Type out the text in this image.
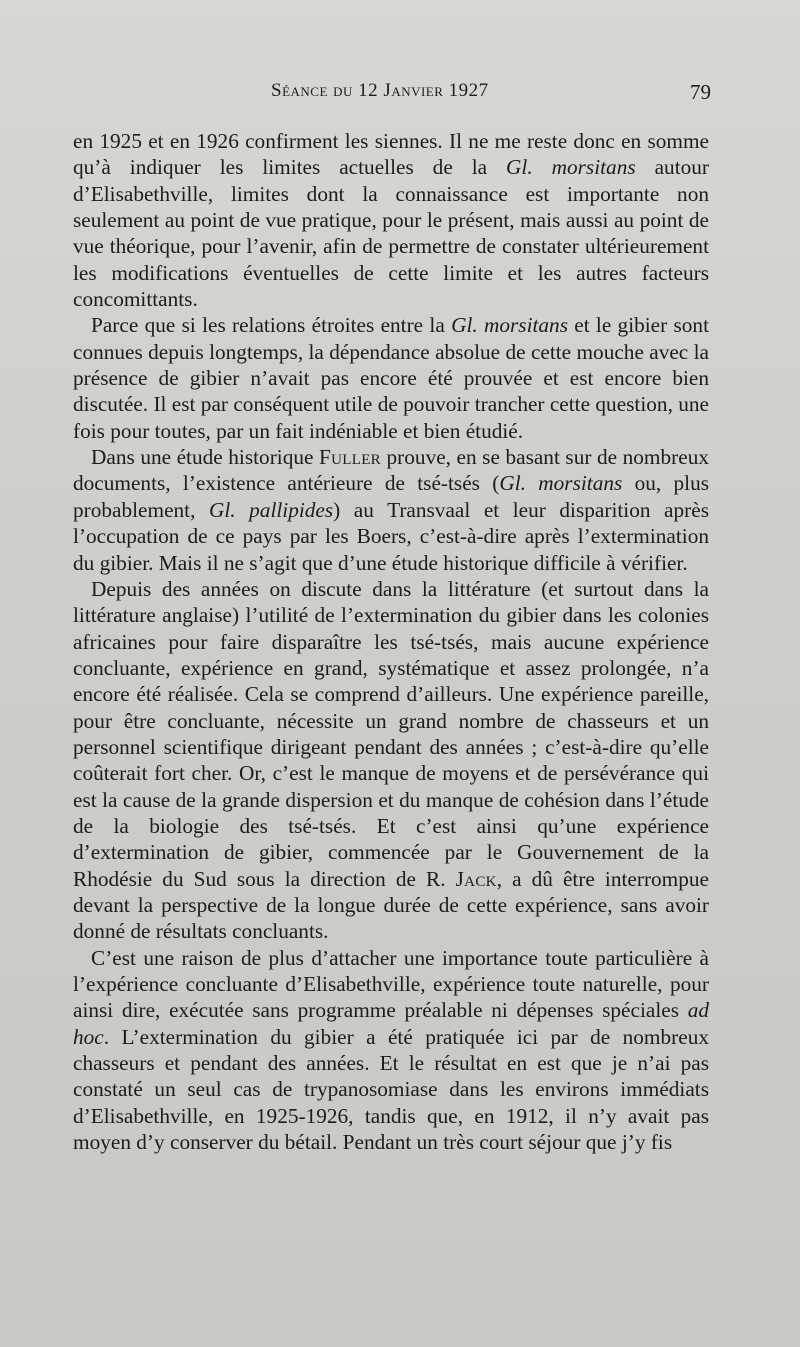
Séance du 12 Janvier 1927	79

en 1925 et en 1926 confirment les siennes. Il ne me reste donc en somme qu’à indiquer les limites actuelles de la Gl. morsitans autour d’Elisabethville, limites dont la connaissance est importante non seulement au point de vue pratique, pour le présent, mais aussi au point de vue théorique, pour l’avenir, afin de permettre de constater ultérieurement les modifications éventuelles de cette limite et les autres facteurs concomittants.

Parce que si les relations étroites entre la Gl. morsitans et le gibier sont connues depuis longtemps, la dépendance absolue de cette mouche avec la présence de gibier n’avait pas encore été prouvée et est encore bien discutée. Il est par conséquent utile de pouvoir trancher cette question, une fois pour toutes, par un fait indéniable et bien étudié.

Dans une étude historique Fuller prouve, en se basant sur de nombreux documents, l’existence antérieure de tsé-tsés (Gl. morsitans ou, plus probablement, Gl. pallipides) au Transvaal et leur disparition après l’occupation de ce pays par les Boers, c’est-à-dire après l’extermination du gibier. Mais il ne s’agit que d’une étude historique difficile à vérifier.

Depuis des années on discute dans la littérature (et surtout dans la littérature anglaise) l’utilité de l’extermination du gibier dans les colonies africaines pour faire disparaître les tsé-tsés, mais aucune expérience concluante, expérience en grand, systématique et assez prolongée, n’a encore été réalisée. Cela se comprend d’ailleurs. Une expérience pareille, pour être concluante, nécessite un grand nombre de chasseurs et un personnel scientifique dirigeant pendant des années ; c’est-à-dire qu’elle coûterait fort cher. Or, c’est le manque de moyens et de persévérance qui est la cause de la grande dispersion et du manque de cohésion dans l’étude de la biologie des tsé-tsés. Et c’est ainsi qu’une expérience d’extermination de gibier, commencée par le Gouvernement de la Rhodésie du Sud sous la direction de R. Jack, a dû être interrompue devant la perspective de la longue durée de cette expérience, sans avoir donné de résultats concluants.

C’est une raison de plus d’attacher une importance toute particulière à l’expérience concluante d’Elisabethville, expérience toute naturelle, pour ainsi dire, exécutée sans programme préalable ni dépenses spéciales ad hoc. L’extermination du gibier a été pratiquée ici par de nombreux chasseurs et pendant des années. Et le résultat en est que je n’ai pas constaté un seul cas de trypanosomiase dans les environs immédiats d’Elisabethville, en 1925-1926, tandis que, en 1912, il n’y avait pas moyen d’y conserver du bétail. Pendant un très court séjour que j’y fis
